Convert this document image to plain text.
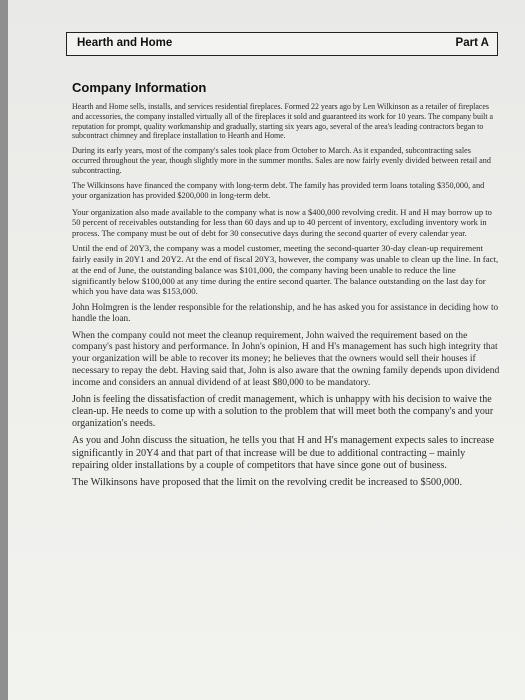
Hearth and Home	Part A
Company Information

Hearth and Home sells, installs, and services residential fireplaces. Formed 22 years ago by Len Wilkinson as a retailer of fireplaces and accessories, the company installed virtually all of the fireplaces it sold and guaranteed its work for 10 years. The company built a reputation for prompt, quality workmanship and gradually, starting six years ago, several of the area's leading contractors began to subcontract chimney and fireplace installation to Hearth and Home.

During its early years, most of the company's sales took place from October to March. As it expanded, subcontracting sales occurred throughout the year, though slightly more in the summer months. Sales are now fairly evenly divided between retail and subcontracting.

The Wilkinsons have financed the company with long-term debt. The family has provided term loans totaling $350,000, and your organization has provided $200,000 in long-term debt.

Your organization also made available to the company what is now a $400,000 revolving credit. H and H may borrow up to 50 percent of receivables outstanding for less than 60 days and up to 40 percent of inventory, excluding inventory work in process. The company must be out of debt for 30 consecutive days during the second quarter of every calendar year.

Until the end of 20Y3, the company was a model customer, meeting the second-quarter 30-day clean-up requirement fairly easily in 20Y1 and 20Y2. At the end of fiscal 20Y3, however, the company was unable to clean up the line. In fact, at the end of June, the outstanding balance was $101,000, the company having been unable to reduce the line significantly below $100,000 at any time during the entire second quarter. The balance outstanding on the last day for which you have data was $153,000.

John Holmgren is the lender responsible for the relationship, and he has asked you for assistance in deciding how to handle the loan.

When the company could not meet the cleanup requirement, John waived the requirement based on the company's past history and performance. In John's opinion, H and H's management has such high integrity that your organization will be able to recover its money; he believes that the owners would sell their houses if necessary to repay the debt. Having said that, John is also aware that the owning family depends upon dividend income and considers an annual dividend of at least $80,000 to be mandatory.

John is feeling the dissatisfaction of credit management, which is unhappy with his decision to waive the clean-up. He needs to come up with a solution to the problem that will meet both the company's and your organization's needs.

As you and John discuss the situation, he tells you that H and H's management expects sales to increase significantly in 20Y4 and that part of that increase will be due to additional contracting – mainly repairing older installations by a couple of competitors that have since gone out of business.

The Wilkinsons have proposed that the limit on the revolving credit be increased to $500,000.
